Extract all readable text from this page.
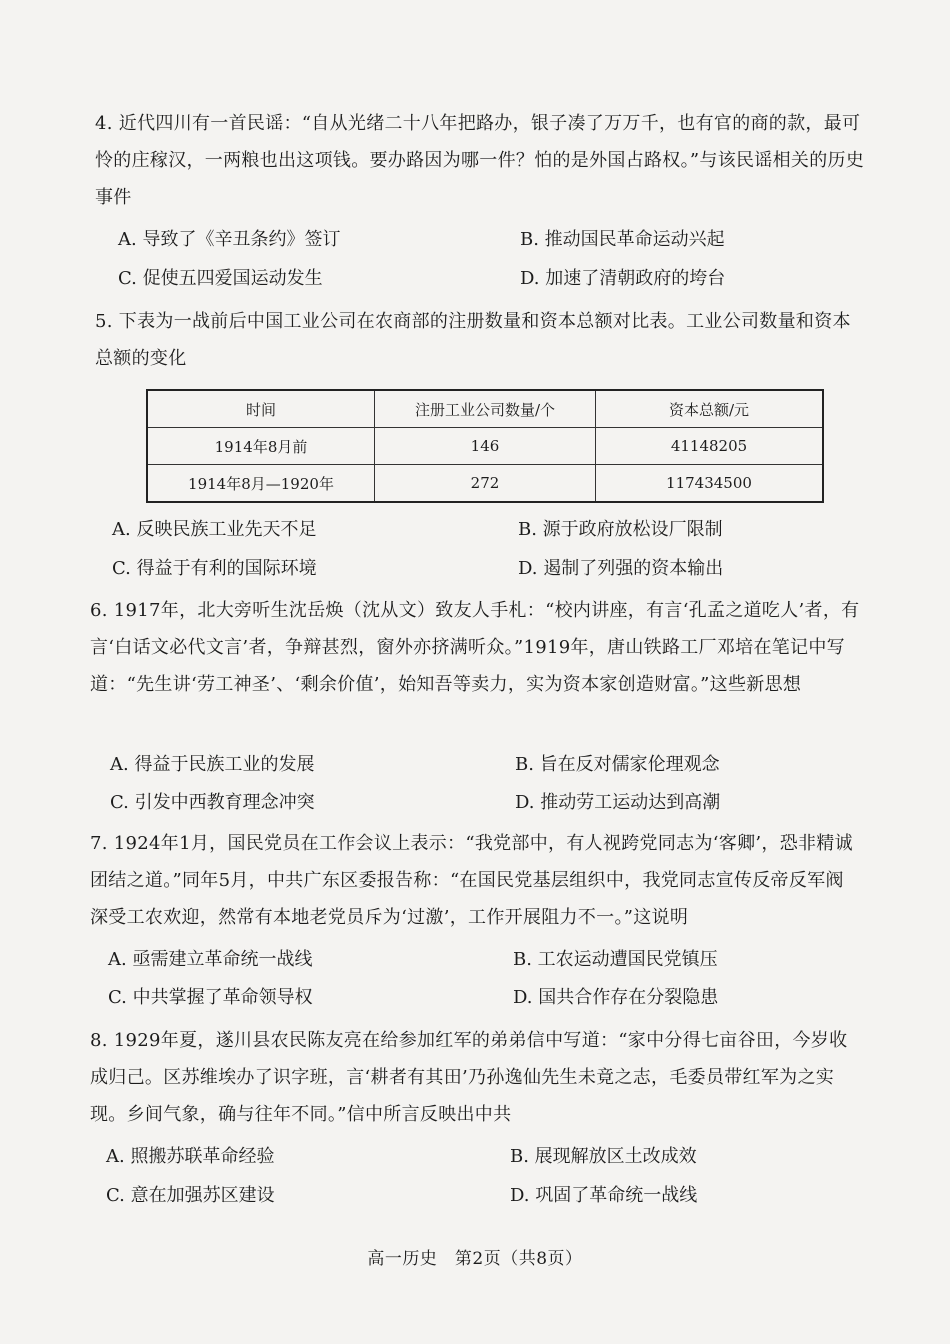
4. 近代四川有一首民谣：“自从光绪二十八年把路办，银子凑了万万千，也有官的商的款，最可怜的庄稼汉，一两粮也出这项钱。要办路因为哪一件？怕的是外国占路权。”与该民谣相关的历史事件
A. 导致了《辛丑条约》签订	B. 推动国民革命运动兴起
C. 促使五四爱国运动发生	D. 加速了清朝政府的垮台
5. 下表为一战前后中国工业公司在农商部的注册数量和资本总额对比表。工业公司数量和资本总额的变化
时间	注册工业公司数量/个	资本总额/元
1914年8月前	146	41148205
1914年8月—1920年	272	117434500
A. 反映民族工业先天不足	B. 源于政府放松设厂限制
C. 得益于有利的国际环境	D. 遏制了列强的资本输出
6. 1917年，北大旁听生沈岳焕（沈从文）致友人手札：“校内讲座，有言‘孔孟之道吃人’者，有言‘白话文必代文言’者，争辩甚烈，窗外亦挤满听众。”1919年，唐山铁路工厂邓培在笔记中写道：“先生讲‘劳工神圣’、‘剩余价值’，始知吾等卖力，实为资本家创造财富。”这些新思想
A. 得益于民族工业的发展	B. 旨在反对儒家伦理观念
C. 引发中西教育理念冲突	D. 推动劳工运动达到高潮
7. 1924年1月，国民党员在工作会议上表示：“我党部中，有人视跨党同志为‘客卿’，恐非精诚团结之道。”同年5月，中共广东区委报告称：“在国民党基层组织中，我党同志宣传反帝反军阀深受工农欢迎，然常有本地老党员斥为‘过激’，工作开展阻力不一。”这说明
A. 亟需建立革命统一战线	B. 工农运动遭国民党镇压
C. 中共掌握了革命领导权	D. 国共合作存在分裂隐患
8. 1929年夏，遂川县农民陈友亮在给参加红军的弟弟信中写道：“家中分得七亩谷田，今岁收成归己。区苏维埃办了识字班，言‘耕者有其田’乃孙逸仙先生未竟之志，毛委员带红军为之实现。乡间气象，确与往年不同。”信中所言反映出中共
A. 照搬苏联革命经验	B. 展现解放区土改成效
C. 意在加强苏区建设	D. 巩固了革命统一战线
高一历史　第2页（共8页）
